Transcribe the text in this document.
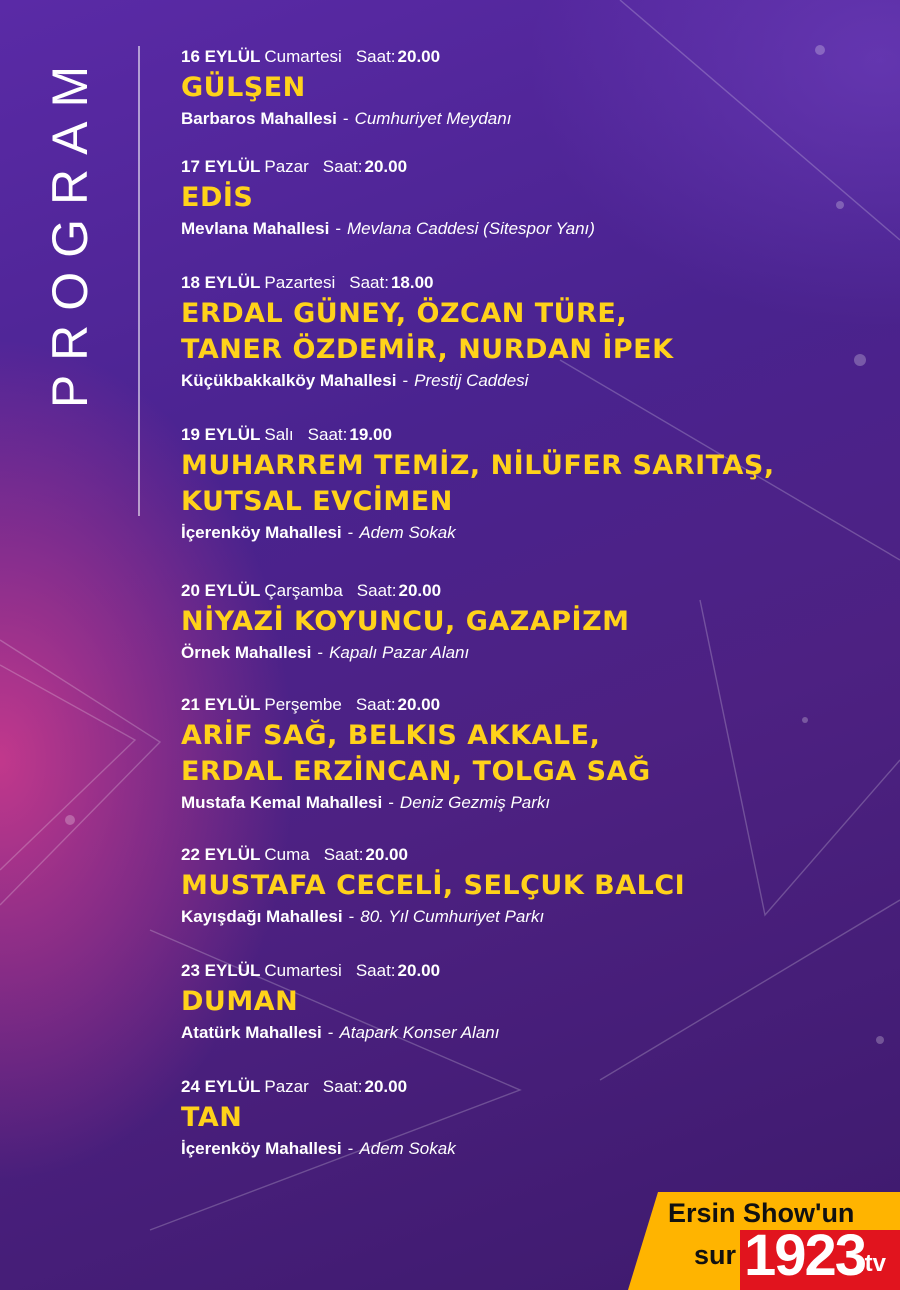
PROGRAM	16 EYLÜL Cumartesi Saat: 20.00
GÜLŞEN
Barbaros Mahallesi - Cumhuriyet Meydanı
17 EYLÜL Pazar Saat: 20.00
EDİS
Mevlana Mahallesi - Mevlana Caddesi (Sitespor Yanı)
18 EYLÜL Pazartesi Saat: 18.00
ERDAL GÜNEY, ÖZCAN TÜRE,
TANER ÖZDEMİR, NURDAN İPEK
Küçükbakkalköy Mahallesi - Prestij Caddesi
19 EYLÜL Salı Saat: 19.00
MUHARREM TEMİZ, NİLÜFER SARITAŞ,
KUTSAL EVCİMEN
İçerenköy Mahallesi - Adem Sokak
20 EYLÜL Çarşamba Saat: 20.00
NİYAZİ KOYUNCU, GAZAPİZM
Örnek Mahallesi - Kapalı Pazar Alanı
21 EYLÜL Perşembe Saat: 20.00
ARİF SAĞ, BELKIS AKKALE,
ERDAL ERZİNCAN, TOLGA SAĞ
Mustafa Kemal Mahallesi - Deniz Gezmiş Parkı
22 EYLÜL Cuma Saat: 20.00
MUSTAFA CECELİ, SELÇUK BALCI
Kayışdağı Mahallesi - 80. Yıl Cumhuriyet Parkı
23 EYLÜL Cumartesi Saat: 20.00
DUMAN
Atatürk Mahallesi - Atapark Konser Alanı
24 EYLÜL Pazar Saat: 20.00
TAN
İçerenköy Mahallesi - Adem Sokak
Ersin Show'un
sur 1923
.tv
